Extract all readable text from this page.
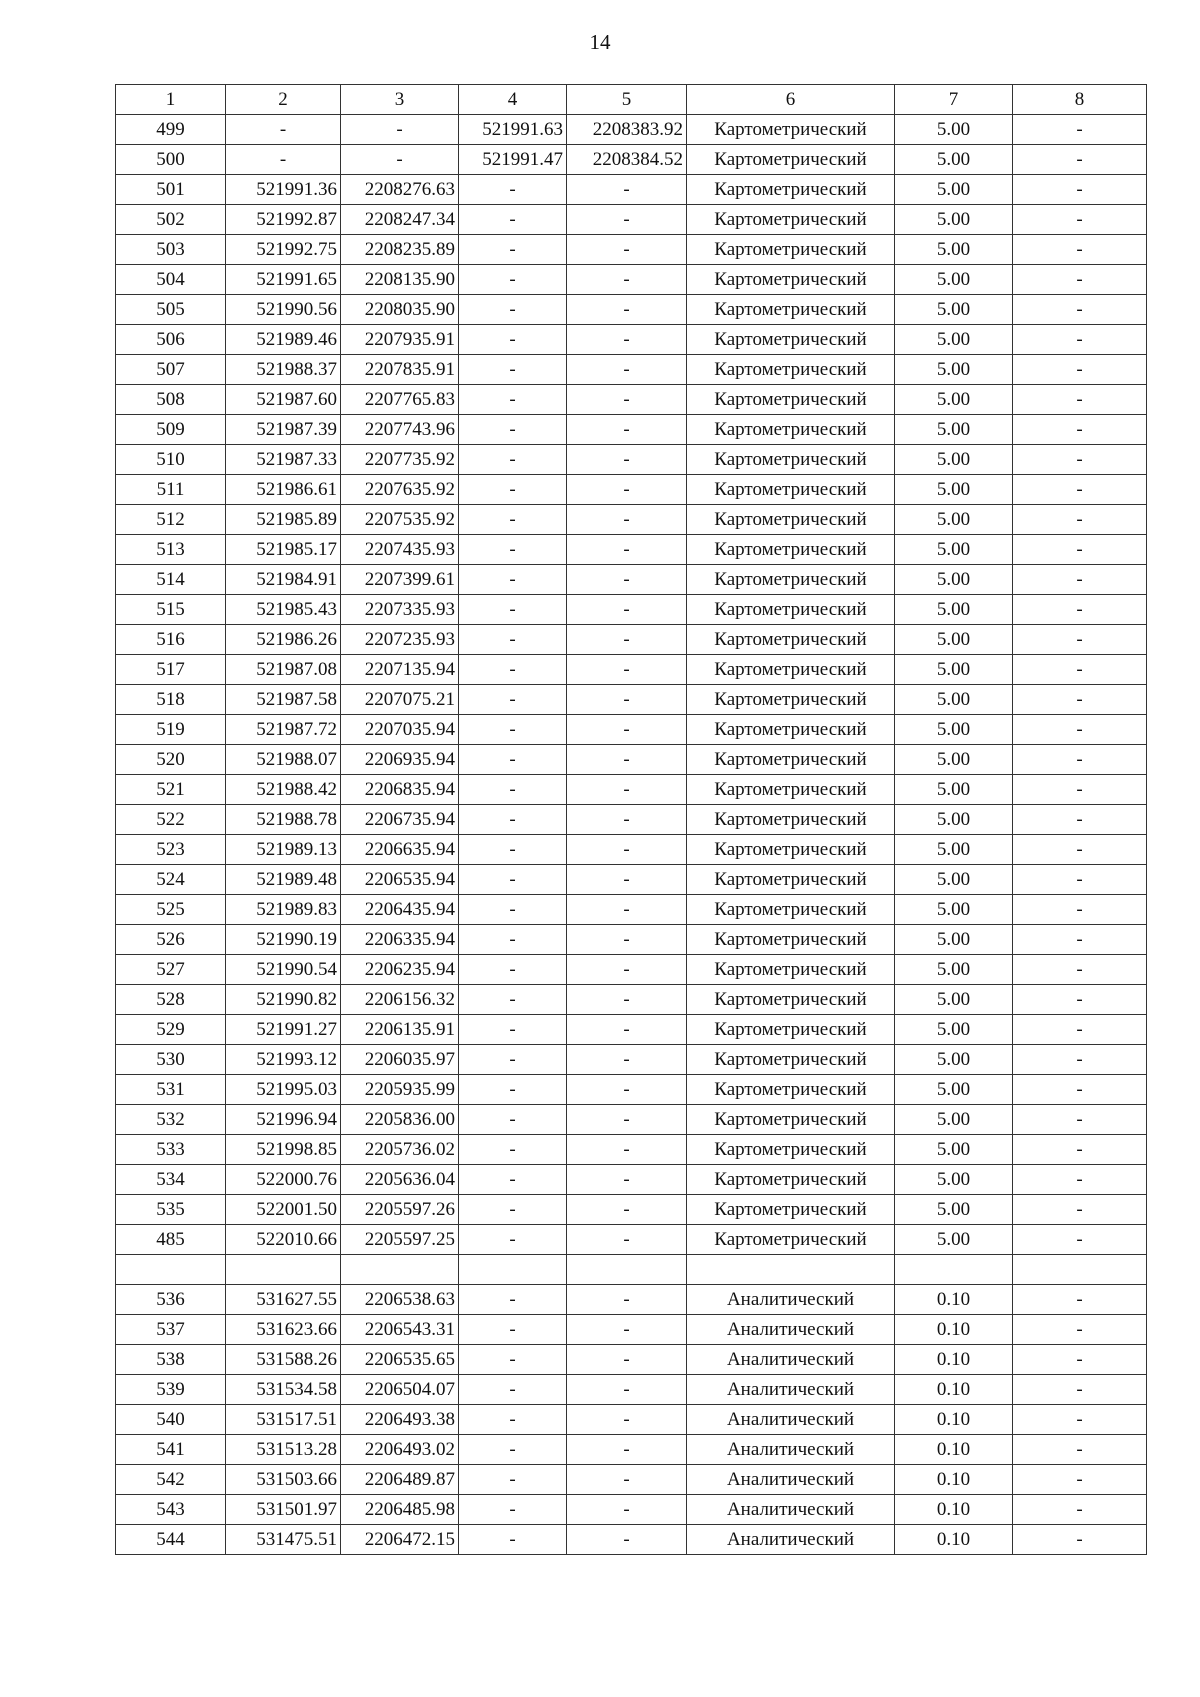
14
1	2	3	4	5	6	7	8
499	-	-	521991.63	2208383.92	Картометрический	5.00	-
500	-	-	521991.47	2208384.52	Картометрический	5.00	-
501	521991.36	2208276.63	-	-	Картометрический	5.00	-
502	521992.87	2208247.34	-	-	Картометрический	5.00	-
503	521992.75	2208235.89	-	-	Картометрический	5.00	-
504	521991.65	2208135.90	-	-	Картометрический	5.00	-
505	521990.56	2208035.90	-	-	Картометрический	5.00	-
506	521989.46	2207935.91	-	-	Картометрический	5.00	-
507	521988.37	2207835.91	-	-	Картометрический	5.00	-
508	521987.60	2207765.83	-	-	Картометрический	5.00	-
509	521987.39	2207743.96	-	-	Картометрический	5.00	-
510	521987.33	2207735.92	-	-	Картометрический	5.00	-
511	521986.61	2207635.92	-	-	Картометрический	5.00	-
512	521985.89	2207535.92	-	-	Картометрический	5.00	-
513	521985.17	2207435.93	-	-	Картометрический	5.00	-
514	521984.91	2207399.61	-	-	Картометрический	5.00	-
515	521985.43	2207335.93	-	-	Картометрический	5.00	-
516	521986.26	2207235.93	-	-	Картометрический	5.00	-
517	521987.08	2207135.94	-	-	Картометрический	5.00	-
518	521987.58	2207075.21	-	-	Картометрический	5.00	-
519	521987.72	2207035.94	-	-	Картометрический	5.00	-
520	521988.07	2206935.94	-	-	Картометрический	5.00	-
521	521988.42	2206835.94	-	-	Картометрический	5.00	-
522	521988.78	2206735.94	-	-	Картометрический	5.00	-
523	521989.13	2206635.94	-	-	Картометрический	5.00	-
524	521989.48	2206535.94	-	-	Картометрический	5.00	-
525	521989.83	2206435.94	-	-	Картометрический	5.00	-
526	521990.19	2206335.94	-	-	Картометрический	5.00	-
527	521990.54	2206235.94	-	-	Картометрический	5.00	-
528	521990.82	2206156.32	-	-	Картометрический	5.00	-
529	521991.27	2206135.91	-	-	Картометрический	5.00	-
530	521993.12	2206035.97	-	-	Картометрический	5.00	-
531	521995.03	2205935.99	-	-	Картометрический	5.00	-
532	521996.94	2205836.00	-	-	Картометрический	5.00	-
533	521998.85	2205736.02	-	-	Картометрический	5.00	-
534	522000.76	2205636.04	-	-	Картометрический	5.00	-
535	522001.50	2205597.26	-	-	Картометрический	5.00	-
485	522010.66	2205597.25	-	-	Картометрический	5.00	-

536	531627.55	2206538.63	-	-	Аналитический	0.10	-
537	531623.66	2206543.31	-	-	Аналитический	0.10	-
538	531588.26	2206535.65	-	-	Аналитический	0.10	-
539	531534.58	2206504.07	-	-	Аналитический	0.10	-
540	531517.51	2206493.38	-	-	Аналитический	0.10	-
541	531513.28	2206493.02	-	-	Аналитический	0.10	-
542	531503.66	2206489.87	-	-	Аналитический	0.10	-
543	531501.97	2206485.98	-	-	Аналитический	0.10	-
544	531475.51	2206472.15	-	-	Аналитический	0.10	-
